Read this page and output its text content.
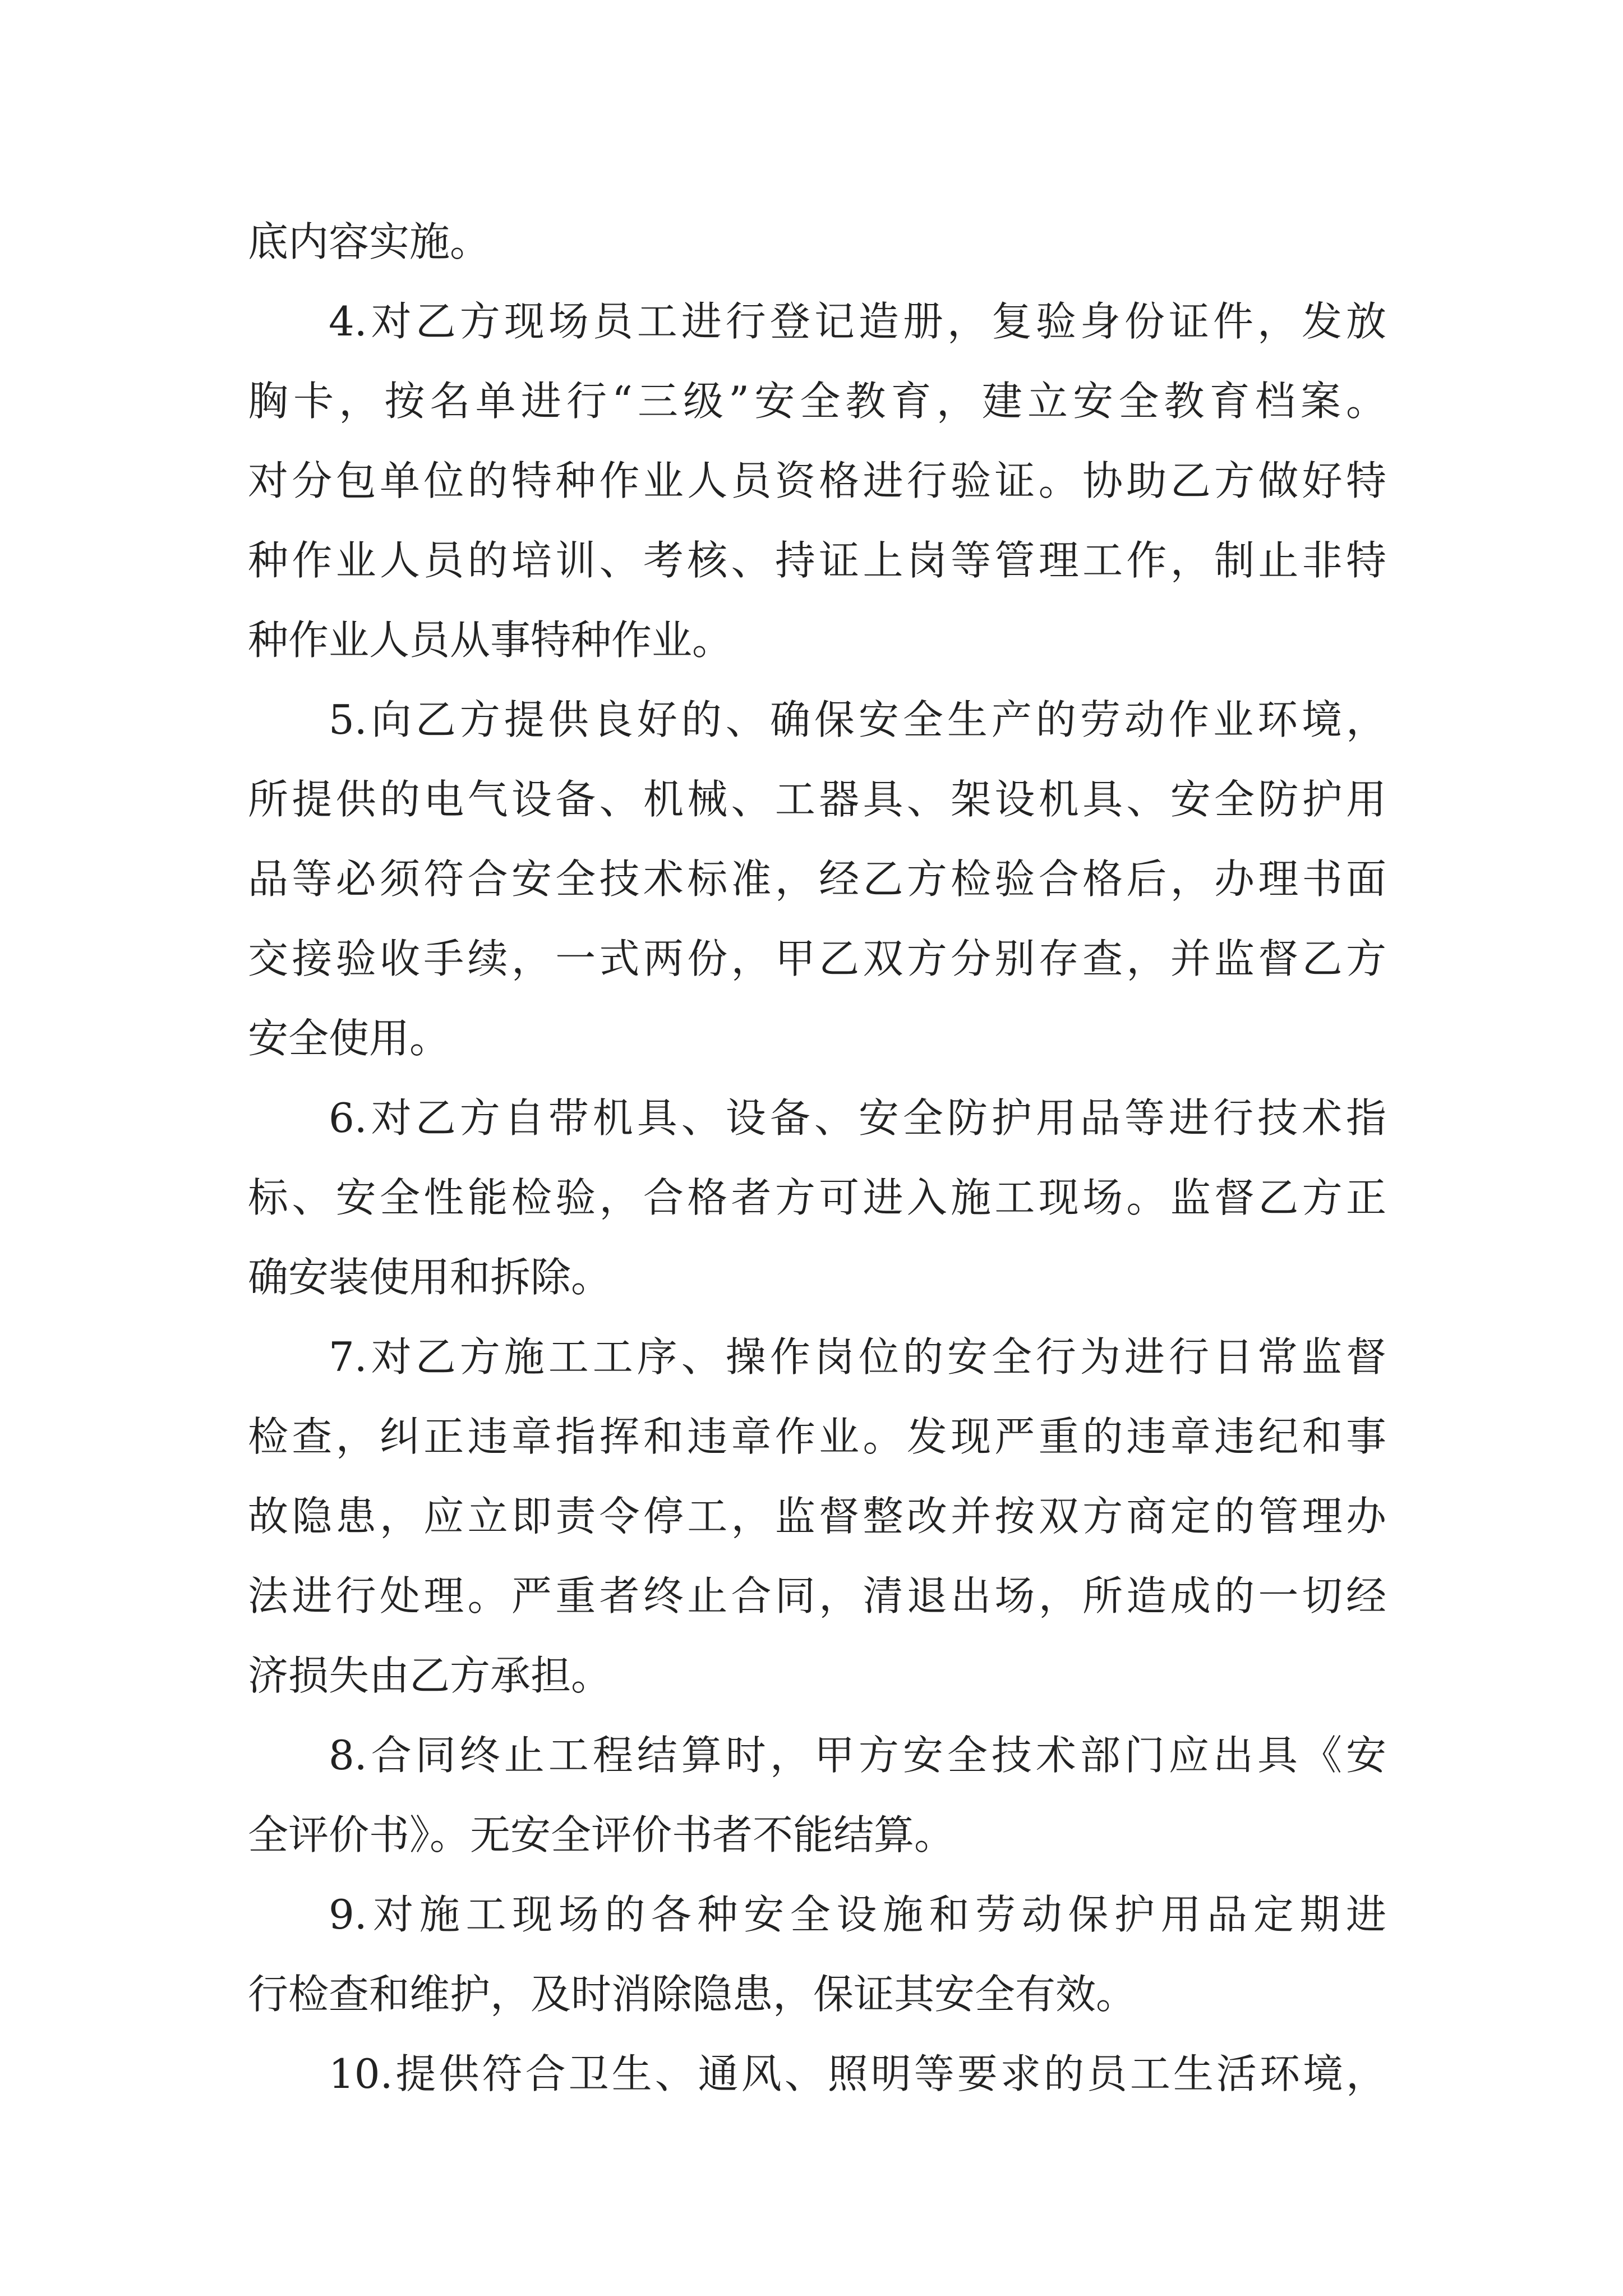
底内容实施。
4.对乙方现场员工进行登记造册，复验身份证件，发放
胸卡，按名单进行“三级”安全教育，建立安全教育档案。
对分包单位的特种作业人员资格进行验证。协助乙方做好特
种作业人员的培训、考核、持证上岗等管理工作，制止非特
种作业人员从事特种作业。
5.向乙方提供良好的、确保安全生产的劳动作业环境，
所提供的电气设备、机械、工器具、架设机具、安全防护用
品等必须符合安全技术标准，经乙方检验合格后，办理书面
交接验收手续，一式两份，甲乙双方分别存查，并监督乙方
安全使用。
6.对乙方自带机具、设备、安全防护用品等进行技术指
标、安全性能检验，合格者方可进入施工现场。监督乙方正
确安装使用和拆除。
7.对乙方施工工序、操作岗位的安全行为进行日常监督
检查，纠正违章指挥和违章作业。发现严重的违章违纪和事
故隐患，应立即责令停工，监督整改并按双方商定的管理办
法进行处理。严重者终止合同，清退出场，所造成的一切经
济损失由乙方承担。
8.合同终止工程结算时，甲方安全技术部门应出具《安
全评价书》。无安全评价书者不能结算。
9.对施工现场的各种安全设施和劳动保护用品定期进
行检查和维护，及时消除隐患，保证其安全有效。
10.提供符合卫生、通风、照明等要求的员工生活环境，
